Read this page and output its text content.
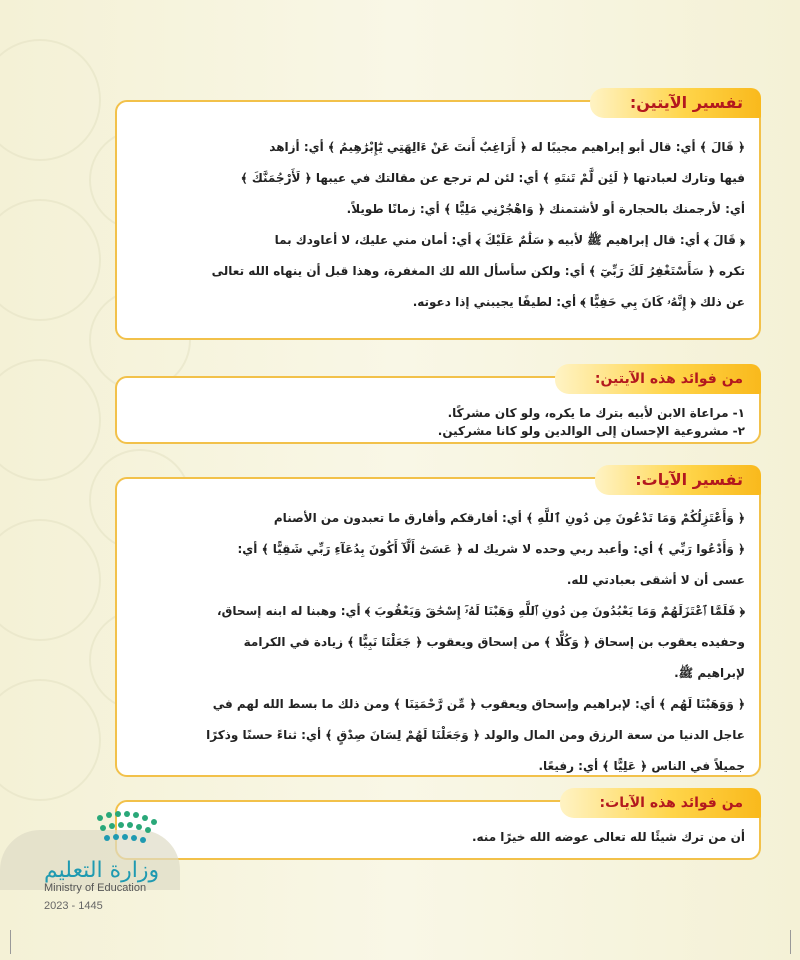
تفسير الآيتين:
﴿ قَالَ ﴾ أي: قال أبو إبراهيم مجيبًا له ﴿ أَرَاغِبٌ أَنتَ عَنْ ءَالِهَتِي يَٰٓإِبْرَٰهِيمُ ﴾ أي: أزاهد
فيها وتارك لعبادتها ﴿ لَئِن لَّمْ تَنتَهِ ﴾ أي: لئن لم ترجع عن مقالتك في عيبها ﴿ لَأَرْجُمَنَّكَ ﴾
أي: لأرجمنك بالحجارة أو لأشتمنك ﴿ وَاهْجُرْنِي مَلِيًّا ﴾ أي: زمانًا طويلاً.
﴿ قَالَ ﴾ أي: قال إبراهيم ﷺ لأبيه ﴿ سَلَٰمٌ عَلَيْكَ ﴾ أي: أمان مني عليك، لا أعاودك بما
تكره ﴿ سَأَسْتَغْفِرُ لَكَ رَبِّيٓ ﴾ أي: ولكن سأسأل الله لك المغفرة، وهذا قبل أن ينهاه الله تعالى
عن ذلك ﴿ إِنَّهُۥ كَانَ بِي حَفِيًّا ﴾ أي: لطيفًا يجيبني إذا دعوته.
من فوائد هذه الآيتين:
١- مراعاة الابن لأبيه بترك ما يكره، ولو كان مشركًا.
٢- مشروعية الإحسان إلى الوالدين ولو كانا مشركين.
تفسير الآيات:
﴿ وَأَعْتَزِلُكُمْ وَمَا تَدْعُونَ مِن دُونِ ٱللَّهِ ﴾ أي: أفارقكم وأفارق ما تعبدون من الأصنام
﴿ وَأَدْعُوا رَبِّي ﴾ أي: وأعبد ربي وحده لا شريك له ﴿ عَسَىٰٓ أَلَّآ أَكُونَ بِدُعَآءِ رَبِّي شَقِيًّا ﴾ أي:
عسى أن لا أشقى بعبادتي لله.
﴿ فَلَمَّا ٱعْتَزَلَهُمْ وَمَا يَعْبُدُونَ مِن دُونِ ٱللَّهِ وَهَبْنَا لَهُۥٓ إِسْحَٰقَ وَيَعْقُوبَ ﴾ أي: وهبنا له ابنه إسحاق،
وحفيده يعقوب بن إسحاق ﴿ وَكُلًّا ﴾ من إسحاق ويعقوب ﴿ جَعَلْنَا نَبِيًّا ﴾ زيادة في الكرامة
لإبراهيم ﷺ.
﴿ وَوَهَبْنَا لَهُم ﴾ أي: لإبراهيم وإسحاق ويعقوب ﴿ مِّن رَّحْمَتِنَا ﴾ ومن ذلك ما بسط الله لهم في
عاجل الدنيا من سعة الرزق ومن المال والولد ﴿ وَجَعَلْنَا لَهُمْ لِسَانَ صِدْقٍ ﴾ أي: ثناءً حسنًا وذكرًا
جميلاً في الناس ﴿ عَلِيًّا ﴾ أي: رفيعًا.
من فوائد هذه الآيات:
أن من ترك شيئًا لله تعالى عوضه الله خيرًا منه.
وزارة التعليم
Ministry of Education
2023 - 1445
